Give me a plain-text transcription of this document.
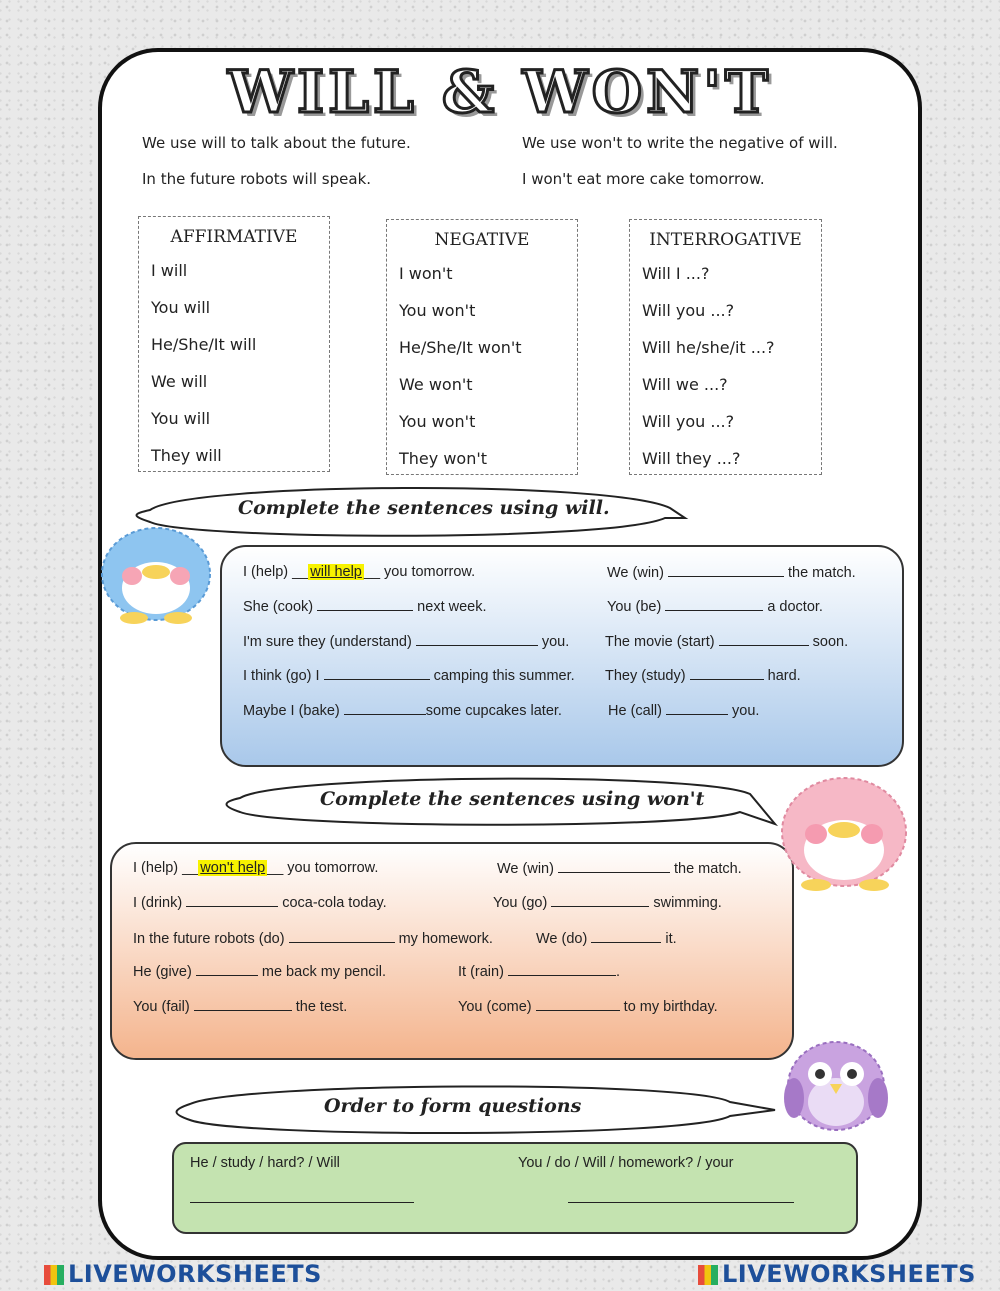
WILL & WON'T
We use will to talk about the future.
In the future robots will speak.
We use won't to write the negative of will.
I won't eat more cake tomorrow.
AFFIRMATIVE
I will
You will
He/She/It will
We will
You will
They will
NEGATIVE
I won't
You won't
He/She/It won't
We won't
You won't
They won't
INTERROGATIVE
Will I ...?
Will you ...?
Will he/she/it ...?
Will we ...?
Will you ...?
Will they ...?
Complete the sentences using will.
I (help) __ will help __ you tomorrow.
She (cook)	next week.
I'm sure they (understand)	you.
I think (go) I	camping this summer.
Maybe I (bake)	some cupcakes later.
We (win)	the match.
You (be)	a doctor.
The movie (start)	soon.
They (study)	hard.
He (call)	you.
Complete the sentences using won't
I (help) __ won't help __ you tomorrow.
I (drink)	coca-cola today.
In the future robots (do)	my homework.
He (give)	me back my pencil.
You (fail)	the test.
We (win)	the match.
You (go)	swimming.
We (do)	it.
It (rain)	.
You (come)	to my birthday.
Order to form questions
He / study / hard? / Will	You / do / Will / homework? / your
LIVEWORKSHEETS	LIVEWORKSHEETS
